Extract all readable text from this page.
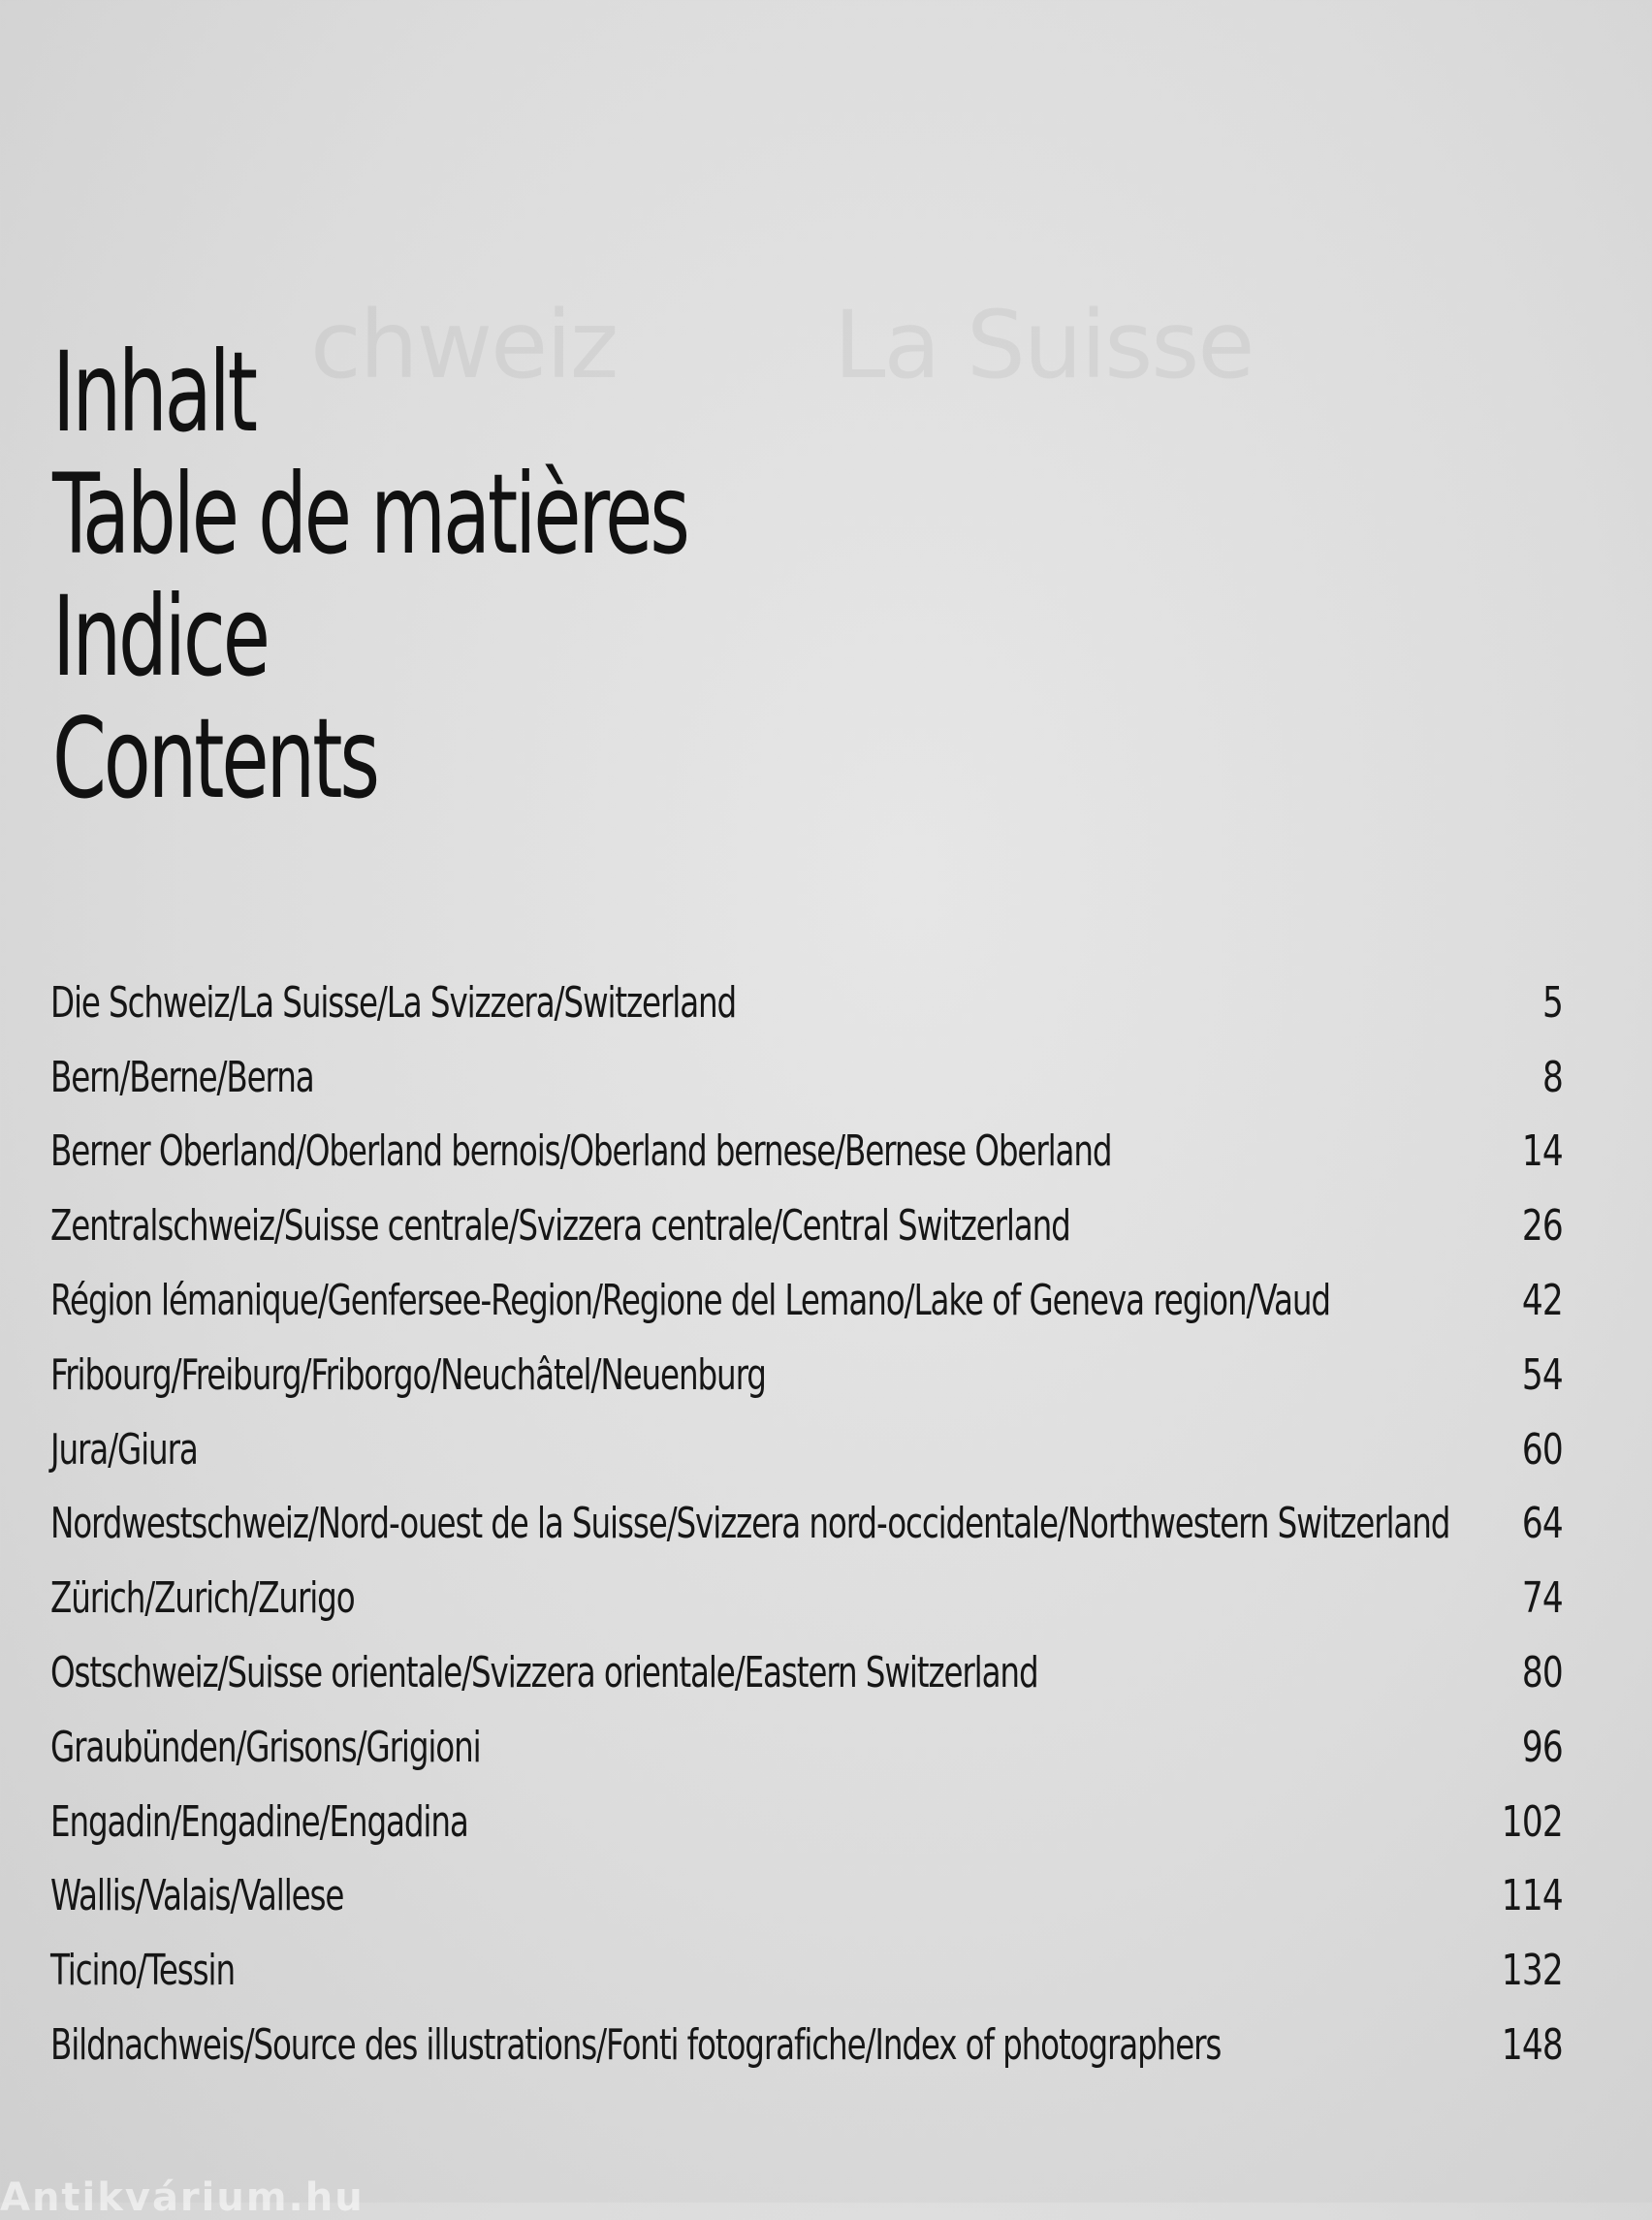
chweiz La Suisse
Inhalt
Table de matières
Indice
Contents
Die Schweiz/La Suisse/La Svizzera/Switzerland	5
Bern/Berne/Berna	8
Berner Oberland/Oberland bernois/Oberland bernese/Bernese Oberland	14
Zentralschweiz/Suisse centrale/Svizzera centrale/Central Switzerland	26
Région lémanique/Genfersee-Region/Regione del Lemano/Lake of Geneva region/Vaud	42
Fribourg/Freiburg/Friborgo/Neuchâtel/Neuenburg	54
Jura/Giura	60
Nordwestschweiz/Nord-ouest de la Suisse/Svizzera nord-occidentale/Northwestern Switzerland 64
Zürich/Zurich/Zurigo	74
Ostschweiz/Suisse orientale/Svizzera orientale/Eastern Switzerland	80
Graubünden/Grisons/Grigioni	96
Engadin/Engadine/Engadina	102
Wallis/Valais/Vallese	114
Ticino/Tessin	132
Bildnachweis/Source des illustrations/Fonti fotografiche/Index of photographers	148
Antikvárium.hu
